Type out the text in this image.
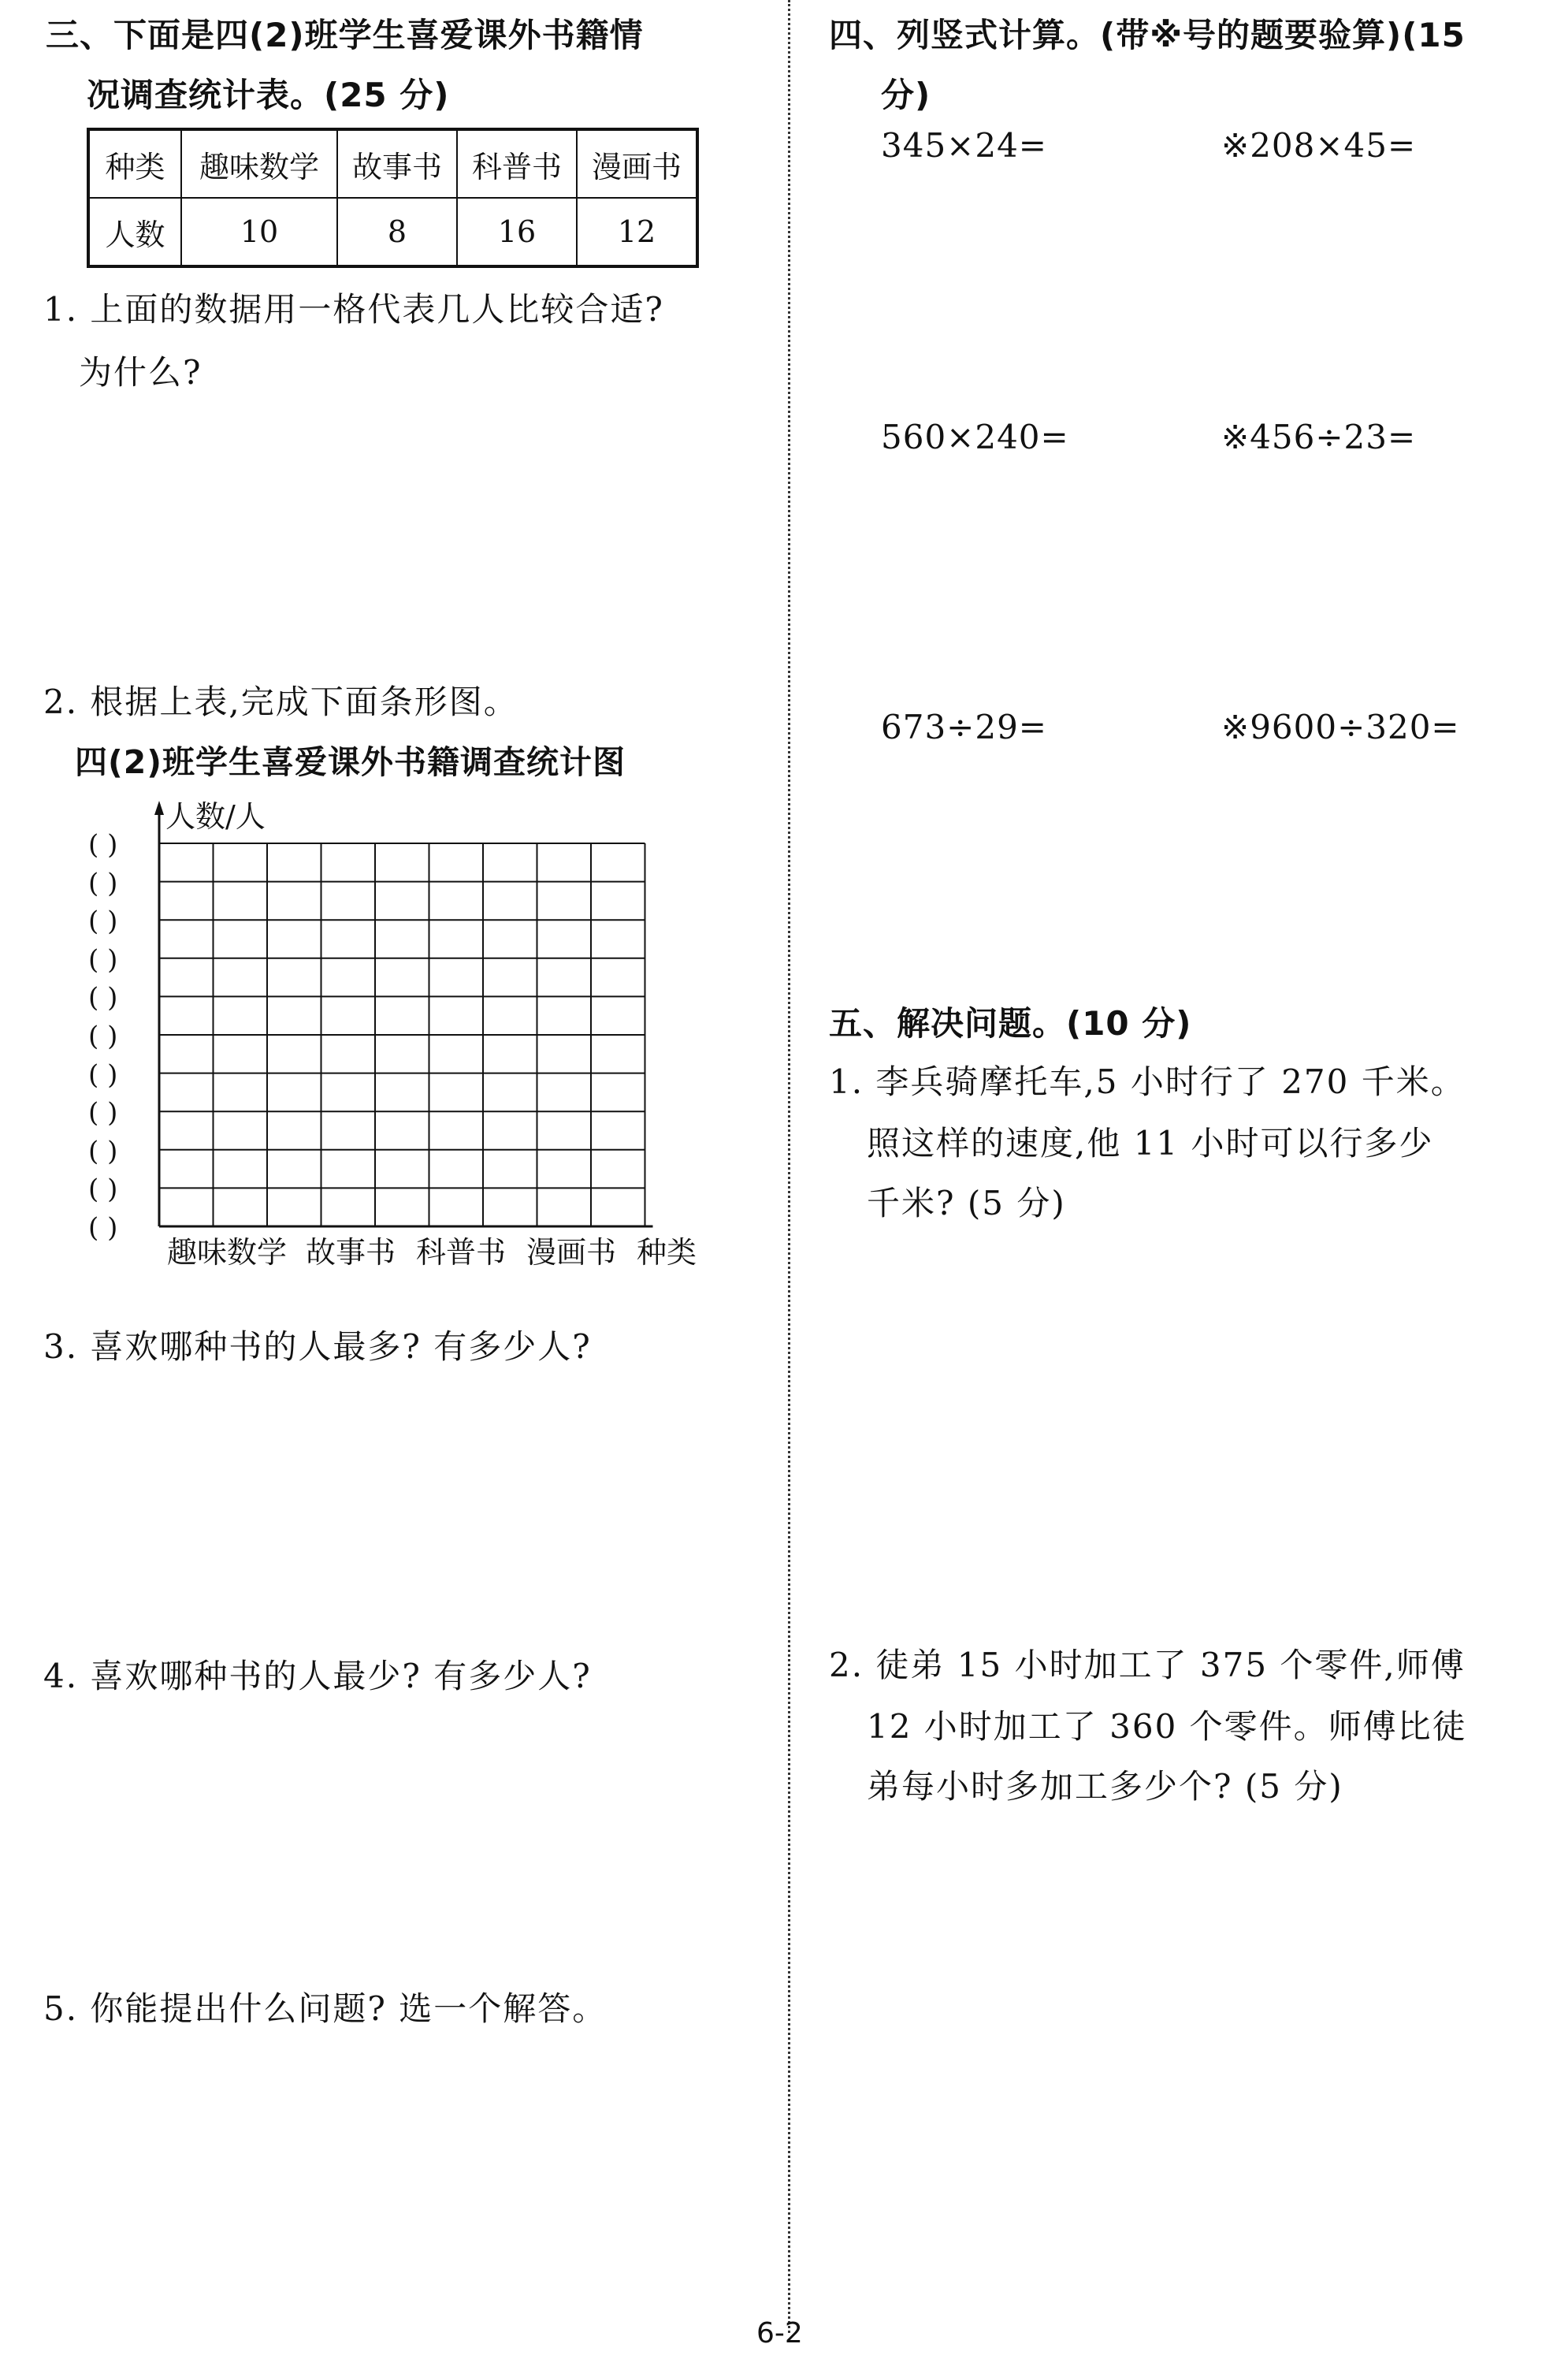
三、下面是四(2)班学生喜爱课外书籍情
况调查统计表。(25 分)
种类	趣味数学	故事书	科普书	漫画书
人数	10	8	16	12
1. 上面的数据用一格代表几人比较合适?
为什么?
2. 根据上表,完成下面条形图。
四(2)班学生喜爱课外书籍调查统计图
人数/人
( )
( )
( )
( )
( )
( )
( )
( )
( )
( )
( )
趣味数学 故事书 科普书 漫画书 种类
3. 喜欢哪种书的人最多? 有多少人?
4. 喜欢哪种书的人最少? 有多少人?
5. 你能提出什么问题? 选一个解答。
四、列竖式计算。(带※号的题要验算)(15
分)
345×24=	※208×45=
560×240=	※456÷23=
673÷29=	※9600÷320=
五、解决问题。(10 分)
1. 李兵骑摩托车,5 小时行了 270 千米。
照这样的速度,他 11 小时可以行多少
千米? (5 分)
2. 徒弟 15 小时加工了 375 个零件,师傅
12 小时加工了 360 个零件。师傅比徒
弟每小时多加工多少个? (5 分)
6-2
